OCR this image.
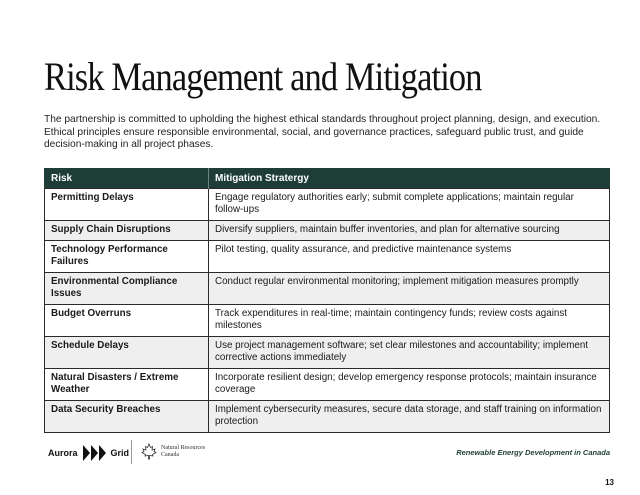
Risk Management and Mitigation
The partnership is committed to upholding the highest ethical standards throughout project planning, design, and execution. Ethical principles ensure responsible environmental, social, and governance practices, safeguard public trust, and guide decision-making in all project phases.
Risk	Mitigation Stratergy
Permitting Delays	Engage regulatory authorities early; submit complete applications; maintain regular follow-ups
Supply Chain Disruptions	Diversify suppliers, maintain buffer inventories, and plan for alternative sourcing
Technology Performance Failures	Pilot testing, quality assurance, and predictive maintenance systems
Environmental Compliance Issues	Conduct regular environmental monitoring; implement mitigation measures promptly
Budget Overruns	Track expenditures in real-time; maintain contingency funds; review costs against milestones
Schedule Delays	Use project management software; set clear milestones and accountability; implement corrective actions immediately
Natural Disasters / Extreme Weather	Incorporate resilient design; develop emergency response protocols; maintain insurance coverage
Data Security Breaches	Implement cybersecurity measures, secure data storage, and staff training on information protection
Aurora	Grid	Natural Resources
Canada	Renewable Energy Development in Canada
13
